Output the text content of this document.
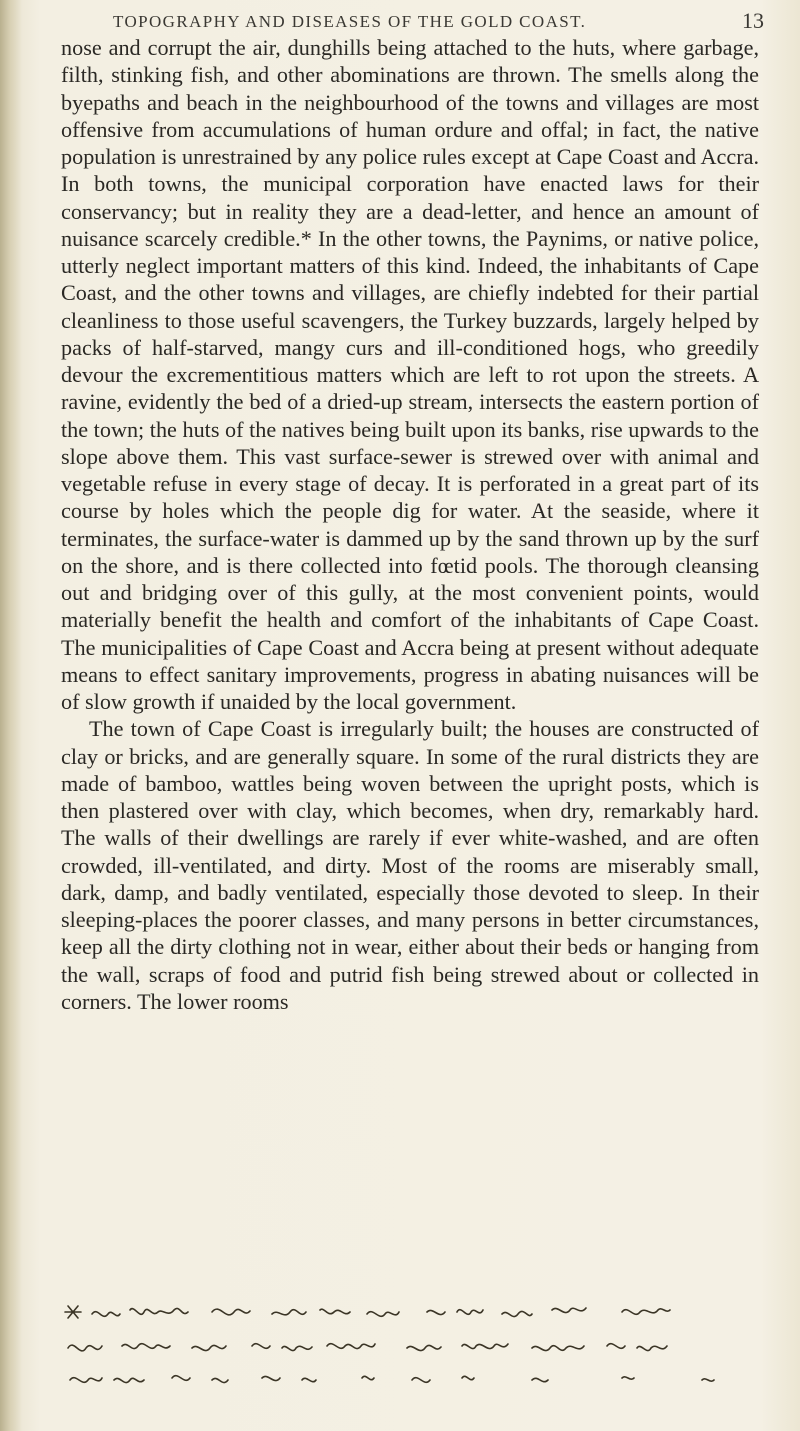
TOPOGRAPHY AND DISEASES OF THE GOLD COAST.	13

nose and corrupt the air, dunghills being attached to the huts, where garbage, filth, stinking fish, and other abominations are thrown. The smells along the byepaths and beach in the neighbourhood of the towns and villages are most offensive from accumulations of human ordure and offal; in fact, the native population is unrestrained by any police rules except at Cape Coast and Accra. In both towns, the municipal corporation have enacted laws for their conservancy; but in reality they are a dead-letter, and hence an amount of nuisance scarcely credible.* In the other towns, the Paynims, or native police, utterly neglect important matters of this kind. Indeed, the inhabitants of Cape Coast, and the other towns and villages, are chiefly indebted for their partial cleanliness to those useful scavengers, the Turkey buzzards, largely helped by packs of half-starved, mangy curs and ill-conditioned hogs, who greedily devour the excrementitious matters which are left to rot upon the streets. A ravine, evidently the bed of a dried-up stream, intersects the eastern portion of the town; the huts of the natives being built upon its banks, rise upwards to the slope above them. This vast surface-sewer is strewed over with animal and vegetable refuse in every stage of decay. It is perforated in a great part of its course by holes which the people dig for water. At the seaside, where it terminates, the surface-water is dammed up by the sand thrown up by the surf on the shore, and is there collected into fœtid pools. The thorough cleansing out and bridging over of this gully, at the most convenient points, would materially benefit the health and comfort of the inhabitants of Cape Coast. The municipalities of Cape Coast and Accra being at present without adequate means to effect sanitary improvements, progress in abating nuisances will be of slow growth if unaided by the local government.

The town of Cape Coast is irregularly built; the houses are constructed of clay or bricks, and are generally square. In some of the rural districts they are made of bamboo, wattles being woven between the upright posts, which is then plastered over with clay, which becomes, when dry, remarkably hard. The walls of their dwellings are rarely if ever white-washed, and are often crowded, ill-ventilated, and dirty. Most of the rooms are miserably small, dark, damp, and badly ventilated, especially those devoted to sleep. In their sleeping-places the poorer classes, and many persons in better circumstances, keep all the dirty clothing not in wear, either about their beds or hanging from the wall, scraps of food and putrid fish being strewed about or collected in corners. The lower rooms
